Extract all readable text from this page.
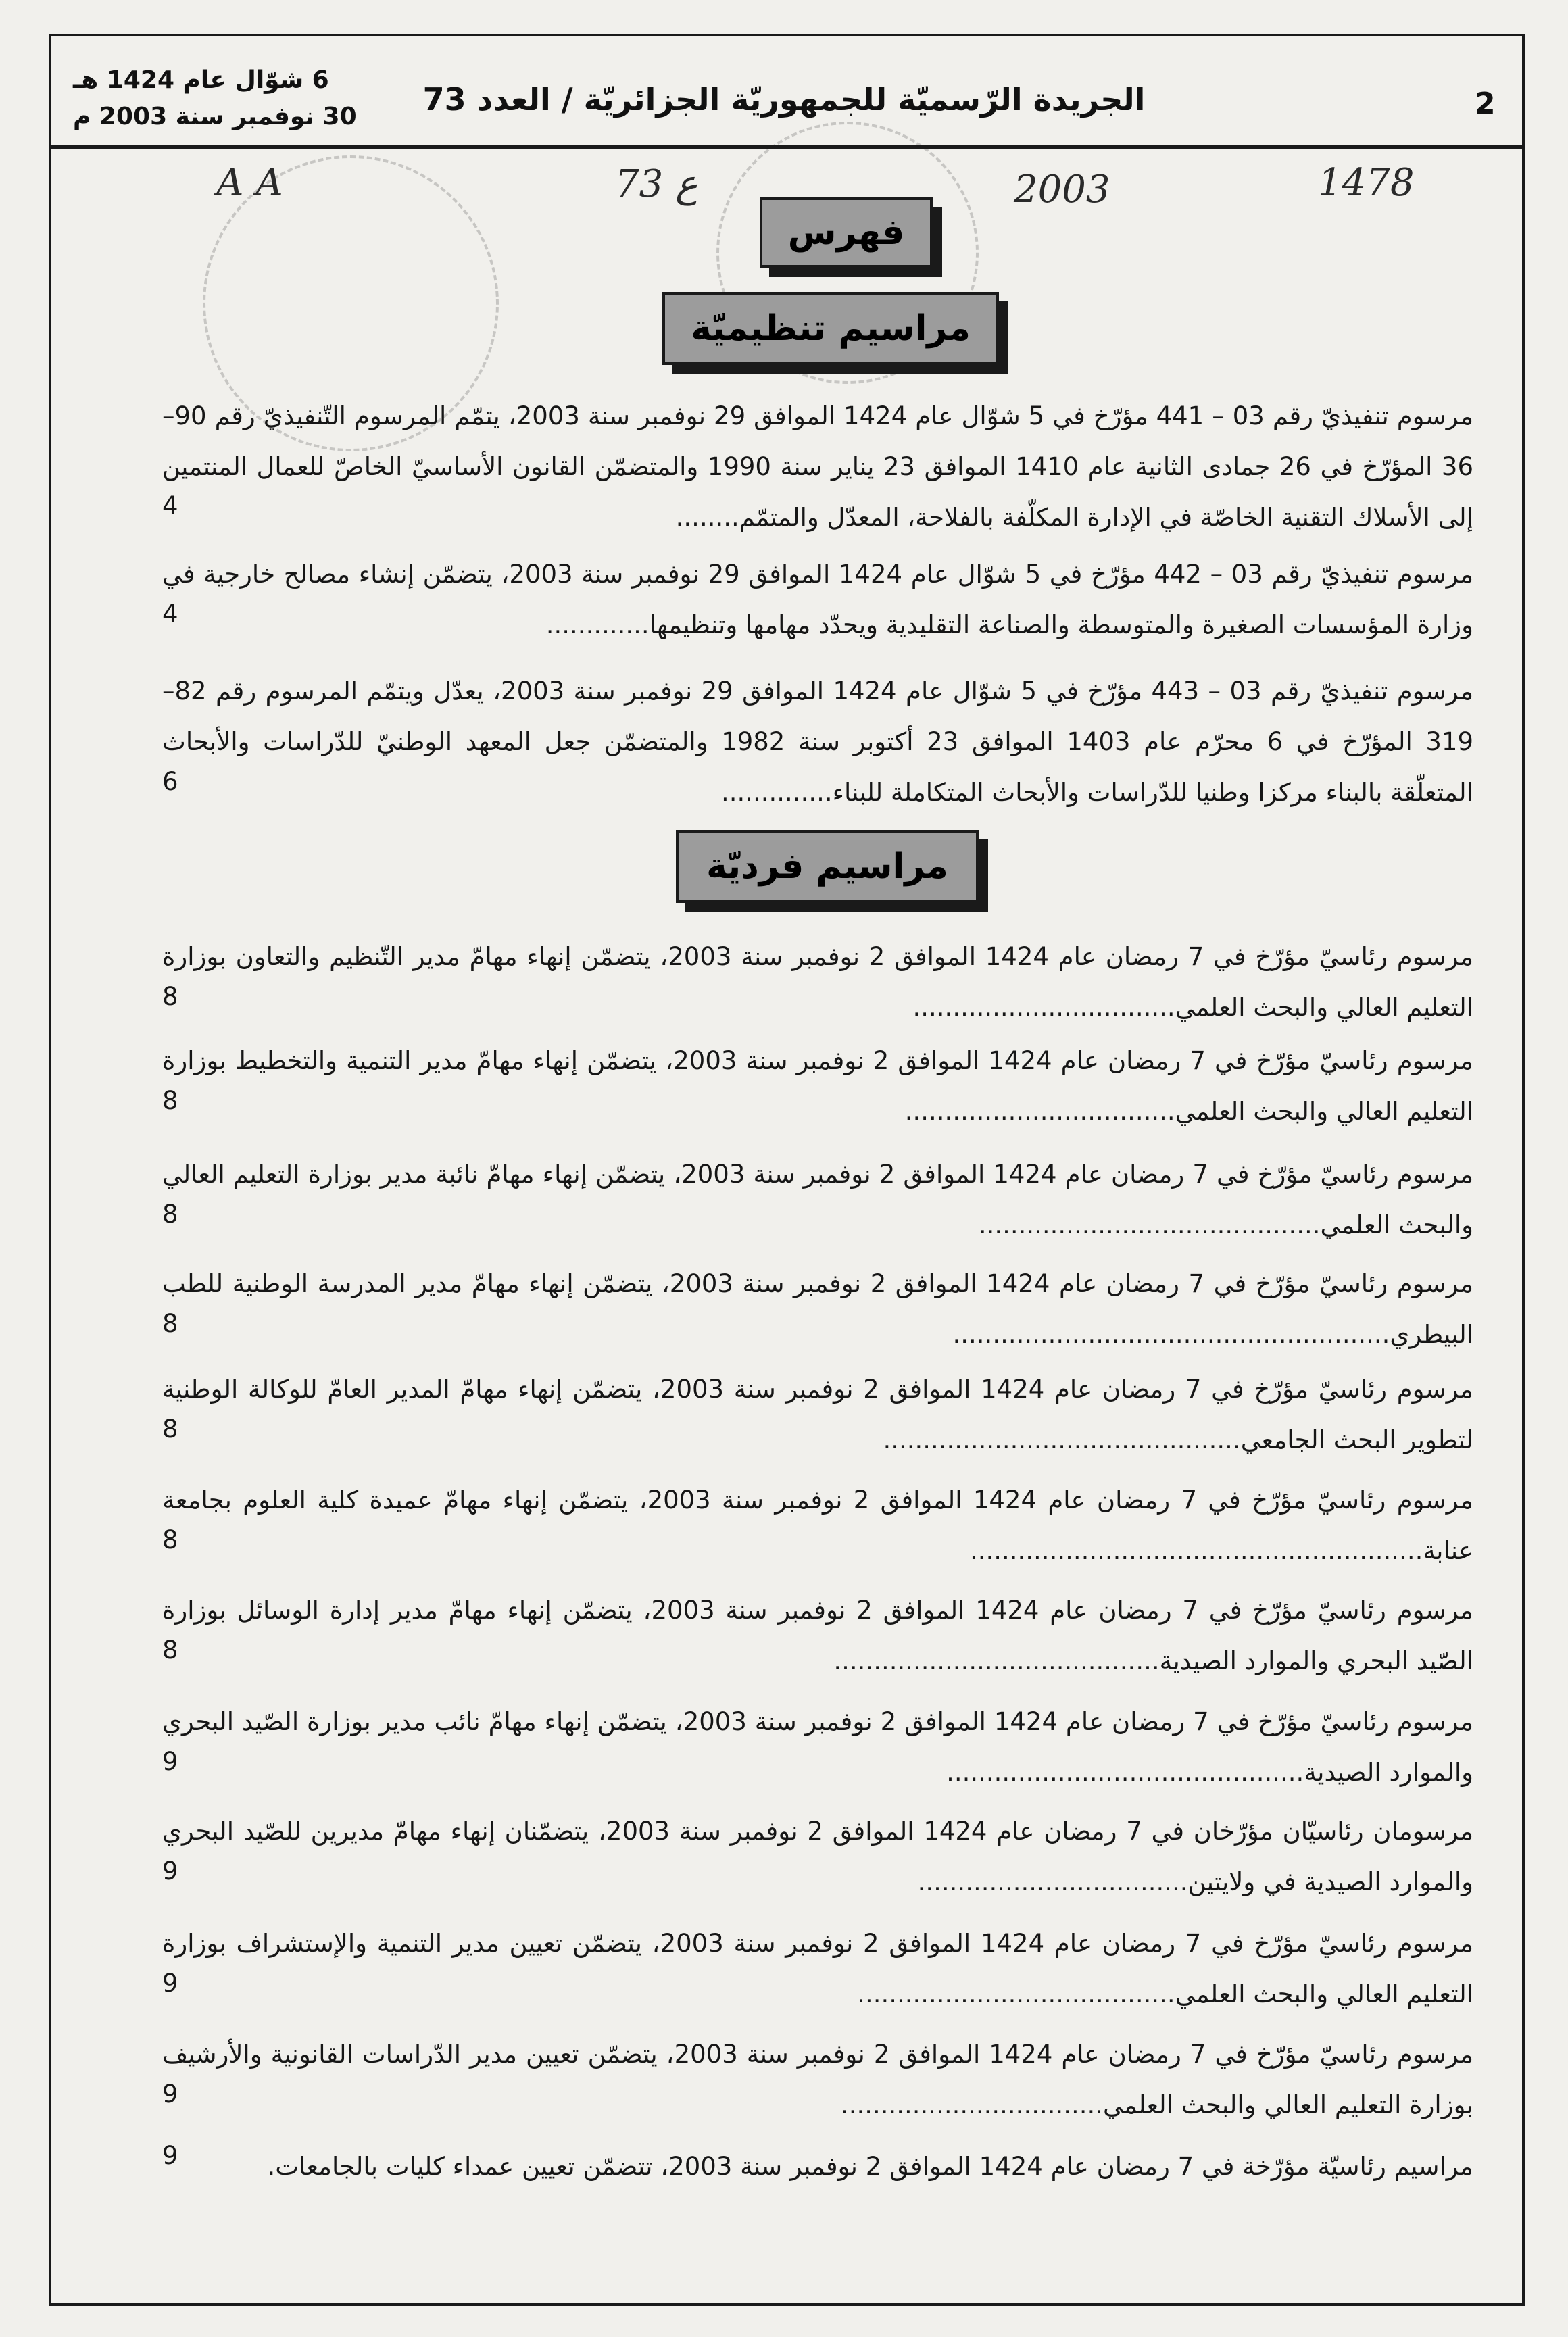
2
الجريدة الرّسميّة للجمهوريّة الجزائريّة / العدد 73
6 شوّال عام 1424 هـ
30 نوفمبر سنة 2003 م
A A	73 ع	2003	1478
فهرس
مراسيم تنظيميّة
مرسوم تنفيذيّ رقم 03 – 441 مؤرّخ في 5 شوّال عام 1424 الموافق 29 نوفمبر سنة 2003، يتمّم المرسوم التّنفيذيّ رقم 90–36 المؤرّخ في 26 جمادى الثانية عام 1410 الموافق 23 يناير سنة 1990 والمتضمّن القانون الأساسيّ الخاصّ للعمال المنتمين إلى الأسلاك التقنية الخاصّة في الإدارة المكلّفة بالفلاحة، المعدّل والمتمّم........
4
مرسوم تنفيذيّ رقم 03 – 442 مؤرّخ في 5 شوّال عام 1424 الموافق 29 نوفمبر سنة 2003، يتضمّن إنشاء مصالح خارجية في وزارة المؤسسات الصغيرة والمتوسطة والصناعة التقليدية ويحدّد مهامها وتنظيمها.............
4
مرسوم تنفيذيّ رقم 03 – 443 مؤرّخ في 5 شوّال عام 1424 الموافق 29 نوفمبر سنة 2003، يعدّل ويتمّم المرسوم رقم 82–319 المؤرّخ في 6 محرّم عام 1403 الموافق 23 أكتوبر سنة 1982 والمتضمّن جعل المعهد الوطنيّ للدّراسات والأبحاث المتعلّقة بالبناء مركزا وطنيا للدّراسات والأبحاث المتكاملة للبناء..............
6
مراسيم فرديّة
مرسوم رئاسيّ مؤرّخ في 7 رمضان عام 1424 الموافق 2 نوفمبر سنة 2003، يتضمّن إنهاء مهامّ مدير التّنظيم والتعاون بوزارة التعليم العالي والبحث العلمي.................................
8
مرسوم رئاسيّ مؤرّخ في 7 رمضان عام 1424 الموافق 2 نوفمبر سنة 2003، يتضمّن إنهاء مهامّ مدير التنمية والتخطيط بوزارة التعليم العالي والبحث العلمي..................................
8
مرسوم رئاسيّ مؤرّخ في 7 رمضان عام 1424 الموافق 2 نوفمبر سنة 2003، يتضمّن إنهاء مهامّ نائبة مدير بوزارة التعليم العالي والبحث العلمي...........................................
8
مرسوم رئاسيّ مؤرّخ في 7 رمضان عام 1424 الموافق 2 نوفمبر سنة 2003، يتضمّن إنهاء مهامّ مدير المدرسة الوطنية للطب البيطري.......................................................
8
مرسوم رئاسيّ مؤرّخ في 7 رمضان عام 1424 الموافق 2 نوفمبر سنة 2003، يتضمّن إنهاء مهامّ المدير العامّ للوكالة الوطنية لتطوير البحث الجامعي.............................................
8
مرسوم رئاسيّ مؤرّخ في 7 رمضان عام 1424 الموافق 2 نوفمبر سنة 2003، يتضمّن إنهاء مهامّ عميدة كلية العلوم بجامعة عنابة.........................................................
8
مرسوم رئاسيّ مؤرّخ في 7 رمضان عام 1424 الموافق 2 نوفمبر سنة 2003، يتضمّن إنهاء مهامّ مدير إدارة الوسائل بوزارة الصّيد البحري والموارد الصيدية.........................................
8
مرسوم رئاسيّ مؤرّخ في 7 رمضان عام 1424 الموافق 2 نوفمبر سنة 2003، يتضمّن إنهاء مهامّ نائب مدير بوزارة الصّيد البحري والموارد الصيدية.............................................
9
مرسومان رئاسيّان مؤرّخان في 7 رمضان عام 1424 الموافق 2 نوفمبر سنة 2003، يتضمّنان إنهاء مهامّ مديرين للصّيد البحري والموارد الصيدية في ولايتين..................................
9
مرسوم رئاسيّ مؤرّخ في 7 رمضان عام 1424 الموافق 2 نوفمبر سنة 2003، يتضمّن تعيين مدير التنمية والإستشراف بوزارة التعليم العالي والبحث العلمي........................................
9
مرسوم رئاسيّ مؤرّخ في 7 رمضان عام 1424 الموافق 2 نوفمبر سنة 2003، يتضمّن تعيين مدير الدّراسات القانونية والأرشيف بوزارة التعليم العالي والبحث العلمي.................................
9
مراسيم رئاسيّة مؤرّخة في 7 رمضان عام 1424 الموافق 2 نوفمبر سنة 2003، تتضمّن تعيين عمداء كليات بالجامعات.
9
